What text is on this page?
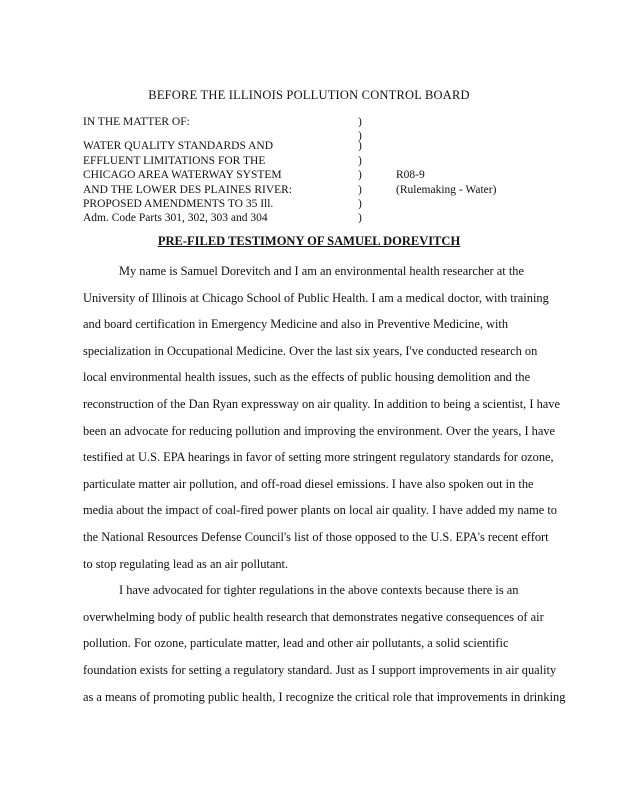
BEFORE THE ILLINOIS POLLUTION CONTROL BOARD
IN THE MATTER OF:
WATER QUALITY STANDARDS AND
EFFLUENT LIMITATIONS FOR THE
CHICAGO AREA WATERWAY SYSTEM
AND THE LOWER DES PLAINES RIVER:
PROPOSED AMENDMENTS TO 35 Ill.
Adm. Code Parts 301, 302, 303 and 304
)
)
)
)
)
)
)
)
R08-9
(Rulemaking - Water)
PRE-FILED TESTIMONY OF SAMUEL DOREVITCH
My name is Samuel Dorevitch and I am an environmental health researcher at the
University of Illinois at Chicago School of Public Health. I am a medical doctor, with training
and board certification in Emergency Medicine and also in Preventive Medicine, with
specialization in Occupational Medicine. Over the last six years, I've conducted research on
local environmental health issues, such as the effects of public housing demolition and the
reconstruction of the Dan Ryan expressway on air quality. In addition to being a scientist, I have
been an advocate for reducing pollution and improving the environment. Over the years, I have
testified at U.S. EPA hearings in favor of setting more stringent regulatory standards for ozone,
particulate matter air pollution, and off-road diesel emissions. I have also spoken out in the
media about the impact of coal-fired power plants on local air quality. I have added my name to
the National Resources Defense Council's list of those opposed to the U.S. EPA's recent effort
to stop regulating lead as an air pollutant.
I have advocated for tighter regulations in the above contexts because there is an
overwhelming body of public health research that demonstrates negative consequences of air
pollution. For ozone, particulate matter, lead and other air pollutants, a solid scientific
foundation exists for setting a regulatory standard. Just as I support improvements in air quality
as a means of promoting public health, I recognize the critical role that improvements in drinking
